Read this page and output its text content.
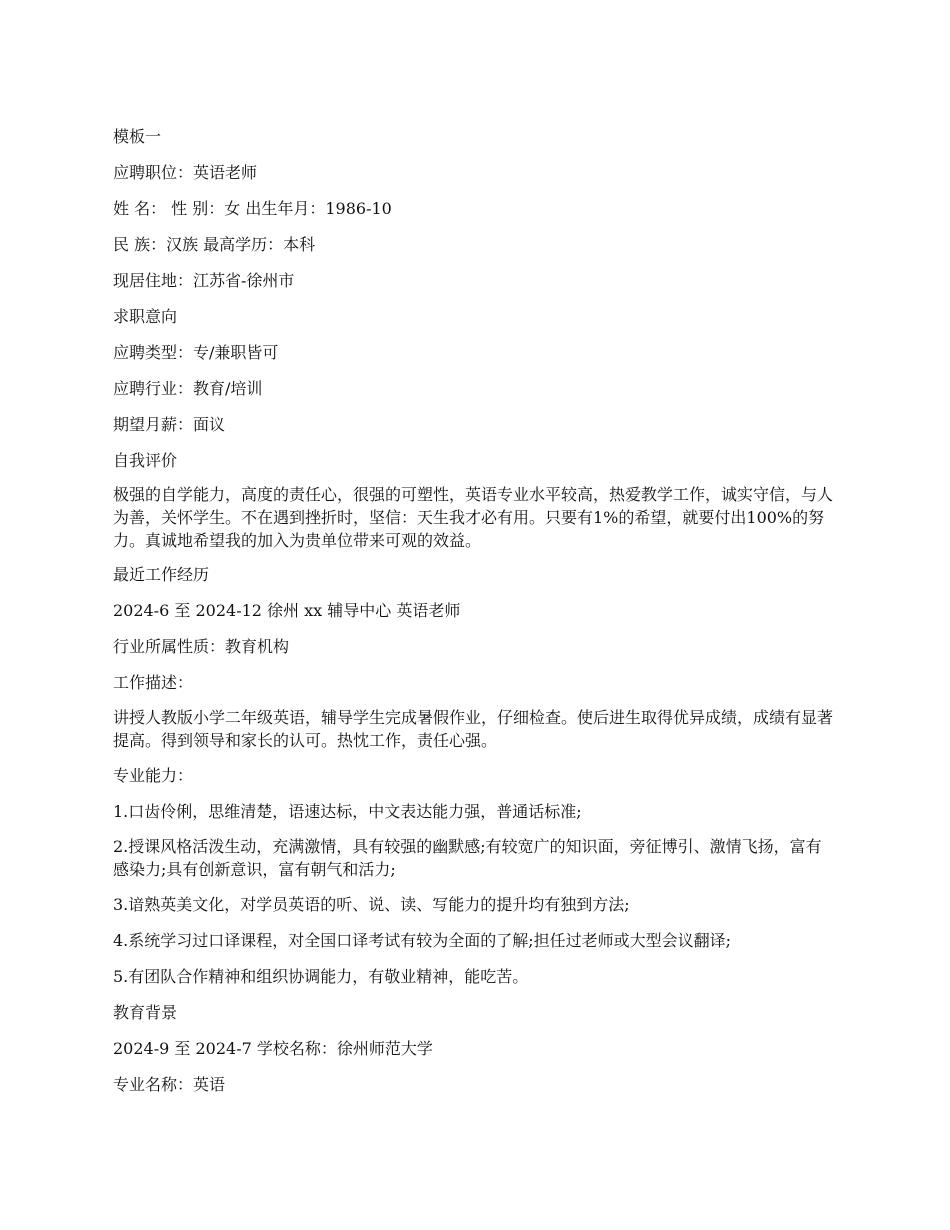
模板一

应聘职位：英语老师

姓 名： 性 别：女 出生年月：1986-10

民 族：汉族 最高学历：本科

现居住地：江苏省-徐州市

求职意向

应聘类型：专/兼职皆可

应聘行业：教育/培训

期望月薪：面议

自我评价

极强的自学能力，高度的责任心，很强的可塑性，英语专业水平较高，热爱教学工作，诚实守信，与人为善，关怀学生。不在遇到挫折时，坚信：天生我才必有用。只要有1%的希望，就要付出100%的努力。真诚地希望我的加入为贵单位带来可观的效益。

最近工作经历

2024-6 至 2024-12 徐州 xx 辅导中心 英语老师

行业所属性质：教育机构

工作描述：

讲授人教版小学二年级英语，辅导学生完成暑假作业，仔细检查。使后进生取得优异成绩，成绩有显著提高。得到领导和家长的认可。热忱工作，责任心强。

专业能力：

1.口齿伶俐，思维清楚，语速达标，中文表达能力强，普通话标准;

2.授课风格活泼生动，充满激情，具有较强的幽默感;有较宽广的知识面，旁征博引、激情飞扬，富有感染力;具有创新意识，富有朝气和活力;

3.谙熟英美文化，对学员英语的听、说、读、写能力的提升均有独到方法;

4.系统学习过口译课程，对全国口译考试有较为全面的了解;担任过老师或大型会议翻译;

5.有团队合作精神和组织协调能力，有敬业精神，能吃苦。

教育背景

2024-9 至 2024-7 学校名称：徐州师范大学

专业名称：英语
